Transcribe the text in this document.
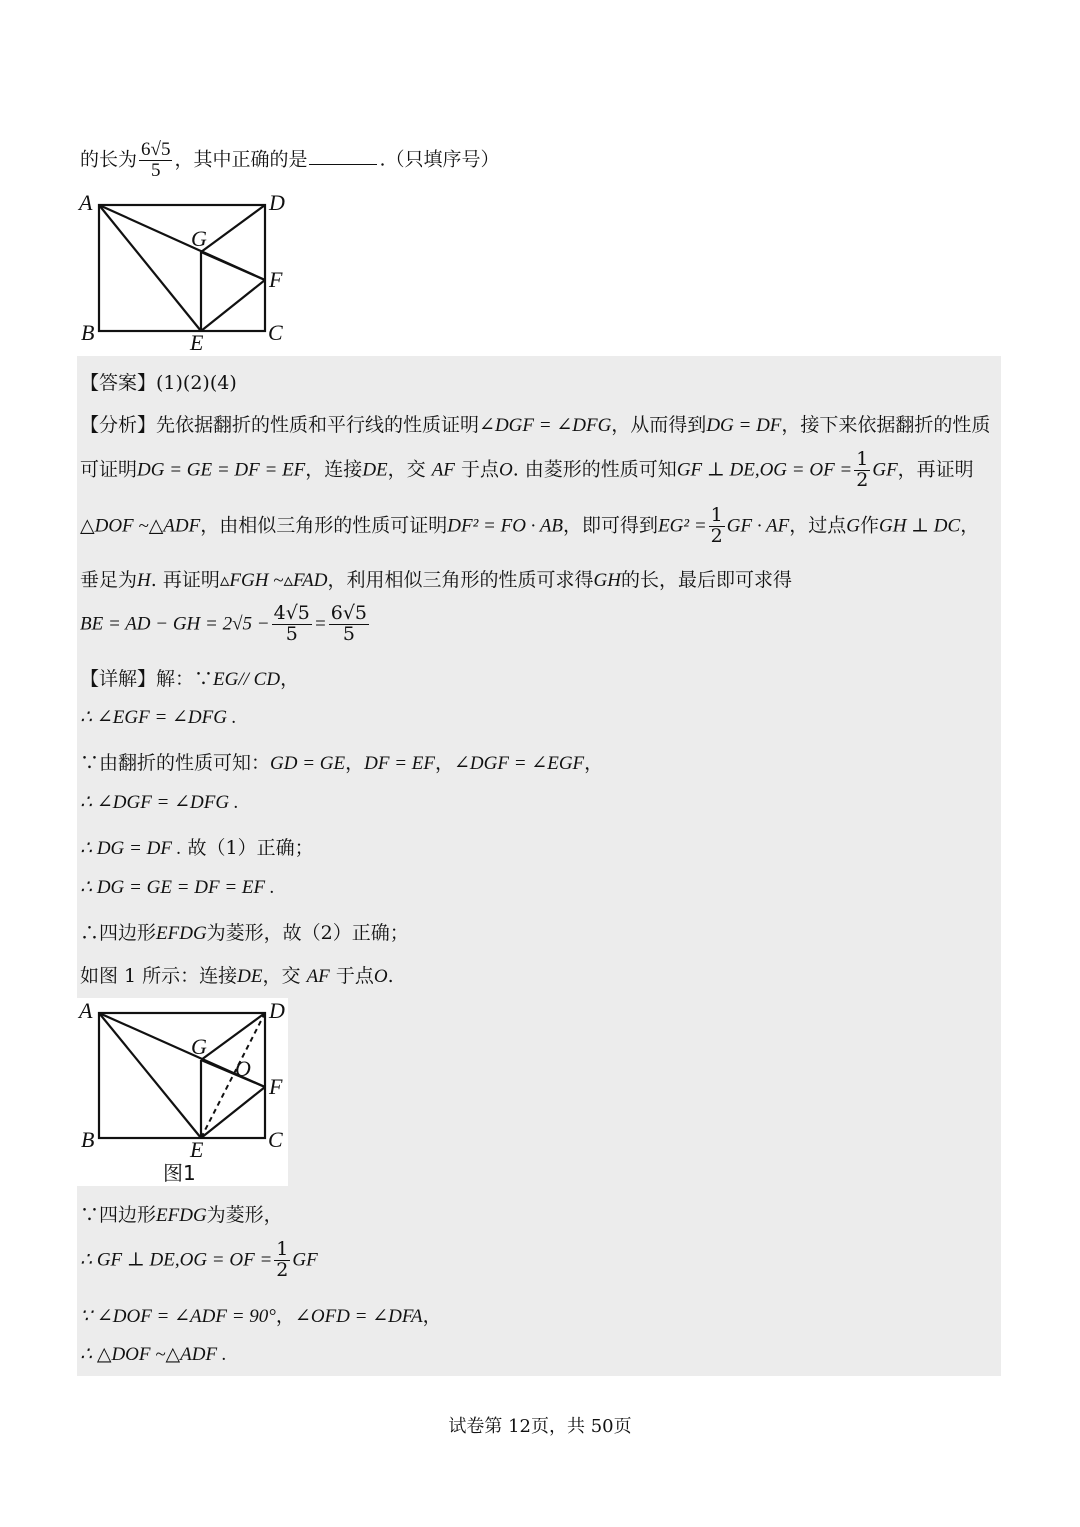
的长为 $\frac{6√5}{5}$ ，其中正确的是	.（只填序号）
A	D
G
F
B	E	C
【答案】(1)(2)(4)
【分析】先依据翻折的性质和平行线的性质证明∠DGF = ∠DFG，从而得到DG = DF，接下来依据翻折的性质
可证明DG = GE = DF = EF，连接DE，交 AF 于点O. 由菱形的性质可知GF ⊥ DE,OG = OF = $\frac{1}{2}$ GF，再证明
△DOF ~△ADF，由相似三角形的性质可证明DF² = FO · AB，即可得到$EG^2 = \frac{1}{2}$ GF · AF，过点G作GH ⊥ DC，
垂足为H. 再证明▵FGH ~▵FAD，利用相似三角形的性质可求得GH的长，最后即可求得
BE = AD − GH = $2√5 - \frac{4√5}{5} = \frac{6√5}{5}$
【详解】解：∵EG// CD，
∴ ∠EGF = ∠DFG .
∵由翻折的性质可知：GD = GE，DF = EF，∠DGF = ∠EGF，
∴ ∠DGF = ∠DFG .
∴ DG = DF . 故（1）正确；
∴ DG = GE = DF = EF .
∴四边形EFDG为菱形，故（2）正确；
如图 1 所示：连接DE，交 AF 于点O.
A	D
G
O
F
B	E	C
图1
∵四边形EFDG为菱形，
∴ GF ⊥ DE,OG = OF = $\frac{1}{2}$ GF
∵ ∠DOF = ∠ADF = 90°，∠OFD = ∠DFA，
∴ △DOF ~△ADF .
试卷第 12页，共 50页
